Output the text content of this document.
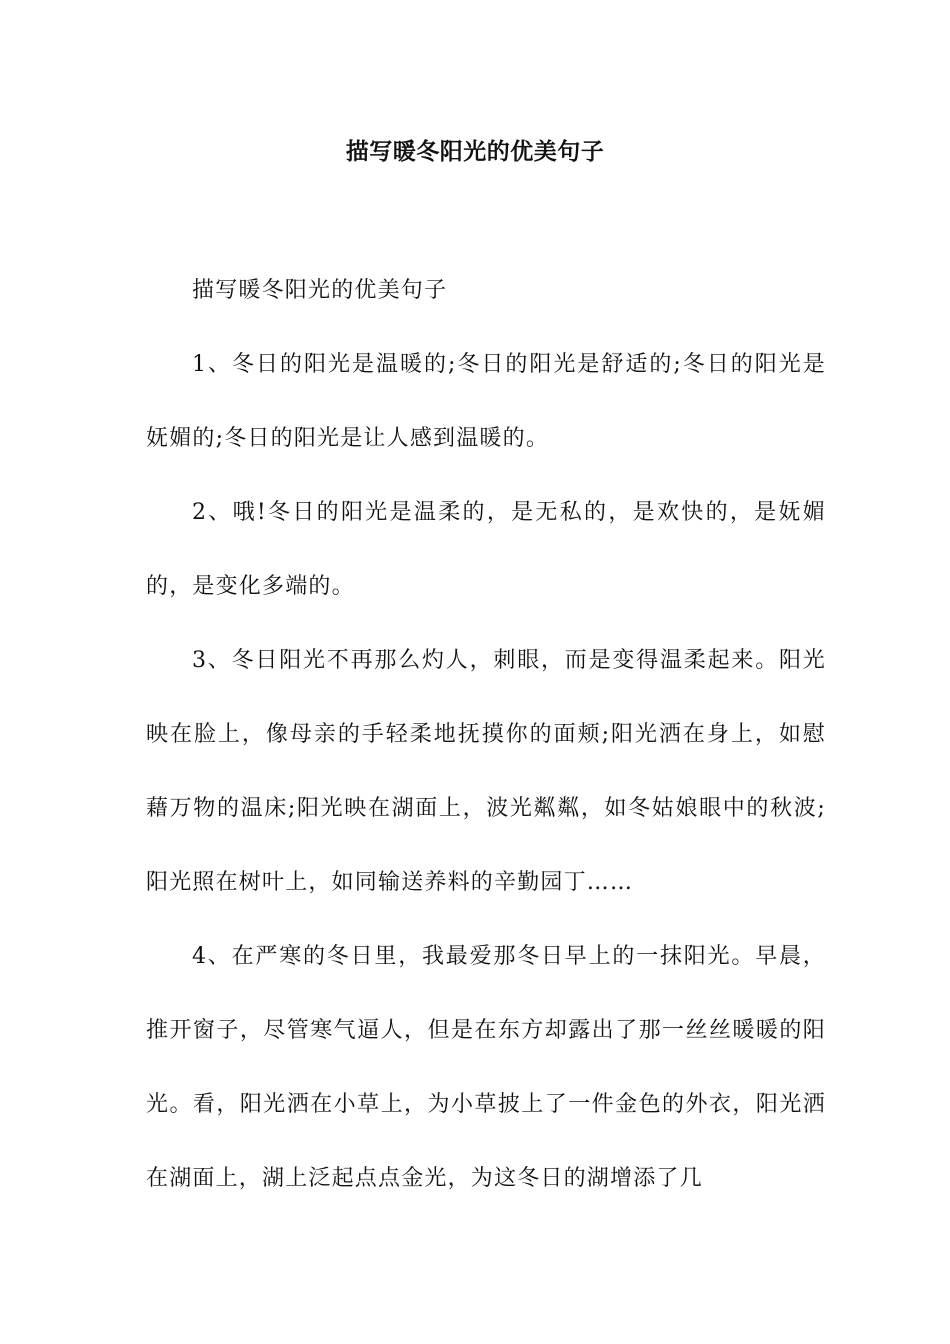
描写暖冬阳光的优美句子

描写暖冬阳光的优美句子

1、冬日的阳光是温暖的;冬日的阳光是舒适的;冬日的阳光是妩媚的;冬日的阳光是让人感到温暖的。

2、哦!冬日的阳光是温柔的，是无私的，是欢快的，是妩媚的，是变化多端的。

3、冬日阳光不再那么灼人，刺眼，而是变得温柔起来。阳光映在脸上，像母亲的手轻柔地抚摸你的面颊;阳光洒在身上，如慰藉万物的温床;阳光映在湖面上，波光粼粼，如冬姑娘眼中的秋波;阳光照在树叶上，如同输送养料的辛勤园丁……

4、在严寒的冬日里，我最爱那冬日早上的一抹阳光。早晨，推开窗子，尽管寒气逼人，但是在东方却露出了那一丝丝暖暖的阳光。看，阳光洒在小草上，为小草披上了一件金色的外衣，阳光洒在湖面上，湖上泛起点点金光，为这冬日的湖增添了几
